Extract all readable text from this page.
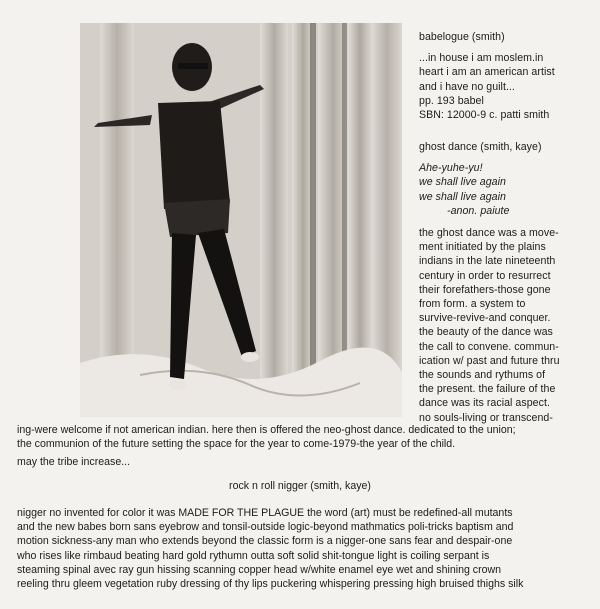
babelogue (smith)

...in house i am moslem.in

heart i am an american artist

and i have no guilt...

pp. 193 babel

SBN: 12000-9 c. patti smith

ghost dance (smith, kaye)

Ahe-yuhe-yu!

we shall live again

we shall live again

-anon. paiute

the ghost dance was a move-

ment initiated by the plains

indians in the late nineteenth

century in order to resurrect

their forefathers-those gone

from form. a system to

survive-revive-and conquer.

the beauty of the dance was

the call to convene. commun-

ication w/ past and future thru

the sounds and rythums of

the present. the failure of the

dance was its racial aspect.

no souls-living or transcend-

ing-were welcome if not american indian. here then is offered the neo-ghost dance. dedicated to the union;

the communion of the future setting the space for the year to come-1979-the year of the child.

may the tribe increase...

rock n roll nigger (smith, kaye)

nigger no invented for color it was MADE FOR THE PLAGUE the word (art) must be redefined-all mutants

and the new babes born sans eyebrow and tonsil-outside logic-beyond mathmatics poli-tricks baptism and

motion sickness-any man who extends beyond the classic form is a nigger-one sans fear and despair-one

who rises like rimbaud beating hard gold rythumn outta soft solid shit-tongue light is coiling serpant is

steaming spinal avec ray gun hissing scanning copper head w/white enamel eye wet and shining crown

reeling thru gleem vegetation ruby dressing of thy lips puckering whispering pressing high bruised thighs silk
